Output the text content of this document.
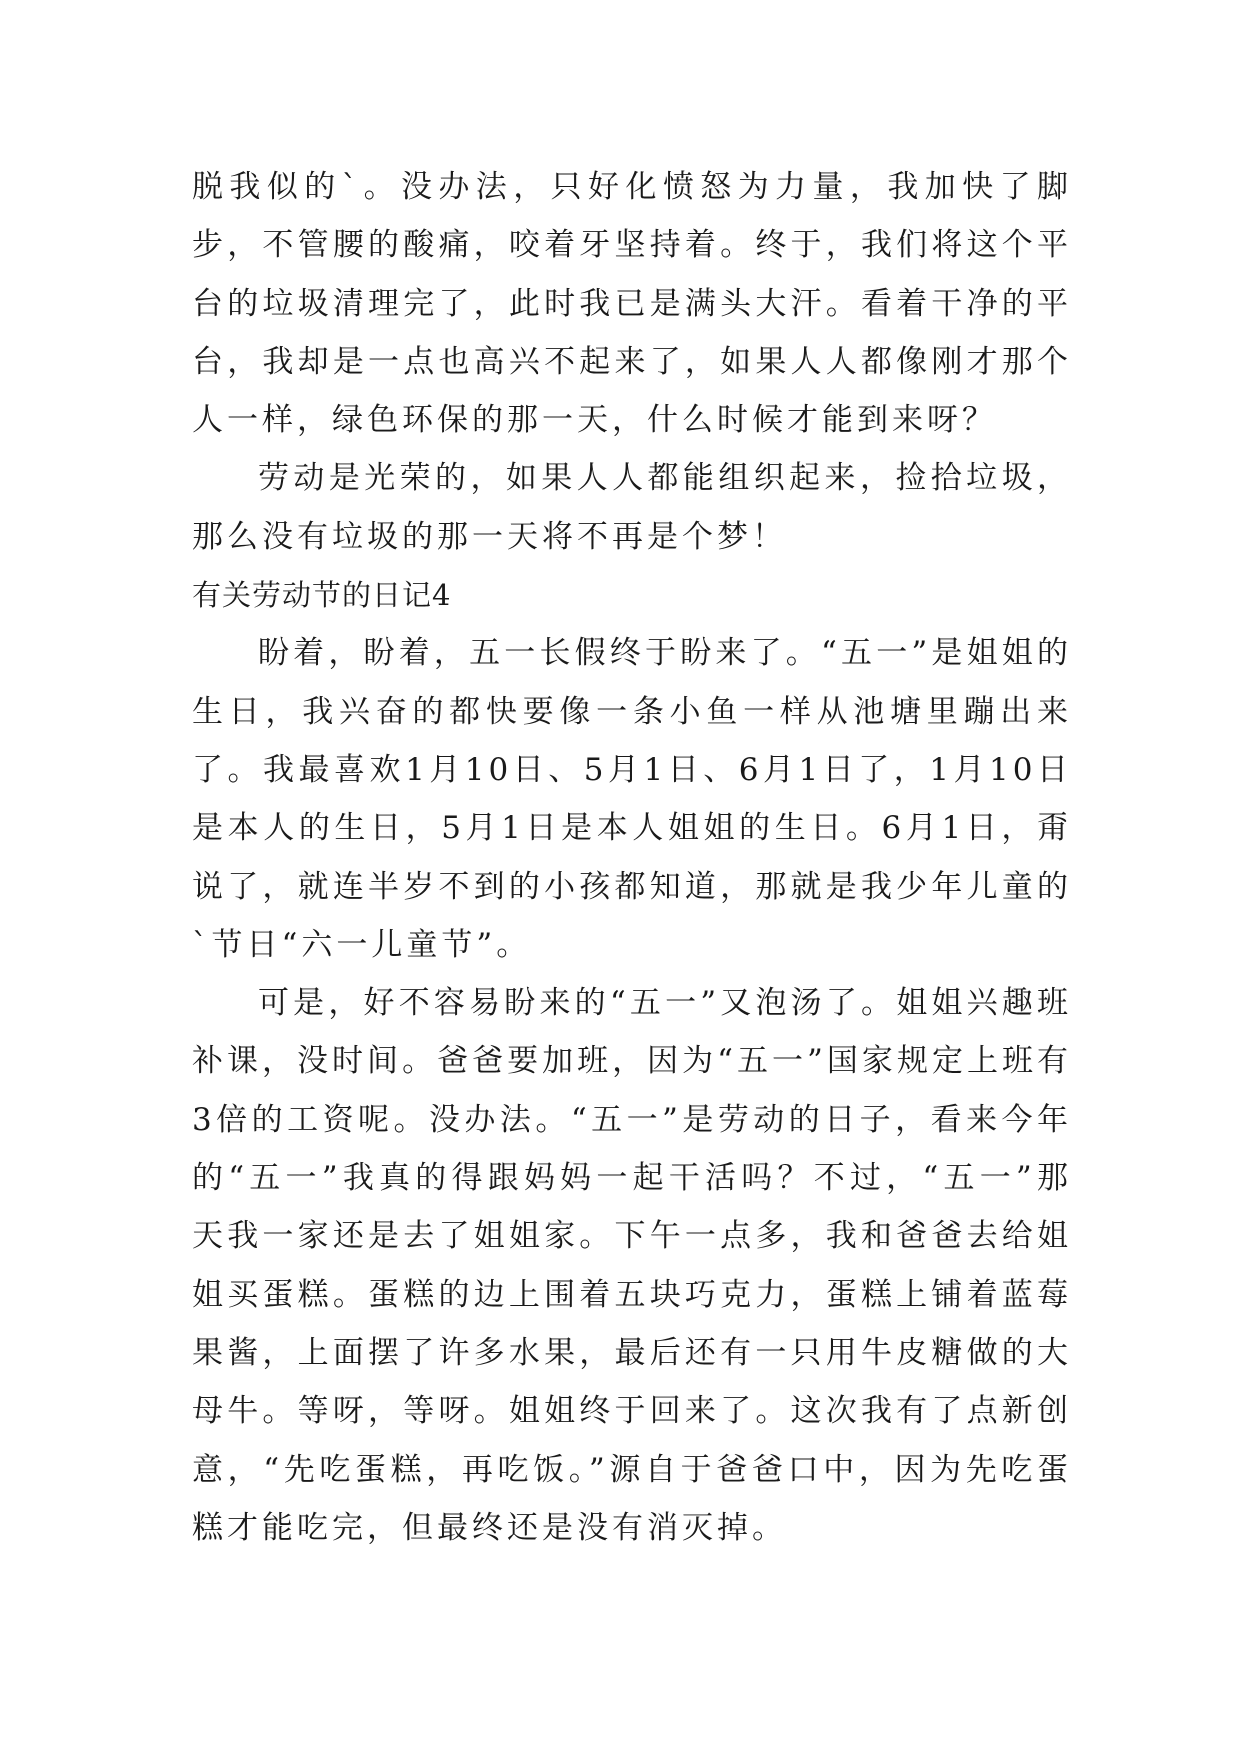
脱我似的`。没办法，只好化愤怒为力量，我加快了脚步，不管腰的酸痛，咬着牙坚持着。终于，我们将这个平台的垃圾清理完了，此时我已是满头大汗。看着干净的平台，我却是一点也高兴不起来了，如果人人都像刚才那个人一样，绿色环保的那一天，什么时候才能到来呀？

劳动是光荣的，如果人人都能组织起来，捡拾垃圾，那么没有垃圾的那一天将不再是个梦！

有关劳动节的日记4

盼着，盼着，五一长假终于盼来了。“五一”是姐姐的生日，我兴奋的都快要像一条小鱼一样从池塘里蹦出来了。我最喜欢1月10日、5月1日、6月1日了，1月10日是本人的生日，5月1日是本人姐姐的生日。6月1日，甭说了，就连半岁不到的小孩都知道，那就是我少年儿童的`节日“六一儿童节”。

可是，好不容易盼来的“五一”又泡汤了。姐姐兴趣班补课，没时间。爸爸要加班，因为“五一”国家规定上班有3倍的工资呢。没办法。“五一”是劳动的日子，看来今年的“五一”我真的得跟妈妈一起干活吗？不过，“五一”那天我一家还是去了姐姐家。下午一点多，我和爸爸去给姐姐买蛋糕。蛋糕的边上围着五块巧克力，蛋糕上铺着蓝莓果酱，上面摆了许多水果，最后还有一只用牛皮糖做的大母牛。等呀，等呀。姐姐终于回来了。这次我有了点新创意，“先吃蛋糕，再吃饭。”源自于爸爸口中，因为先吃蛋糕才能吃完，但最终还是没有消灭掉。
